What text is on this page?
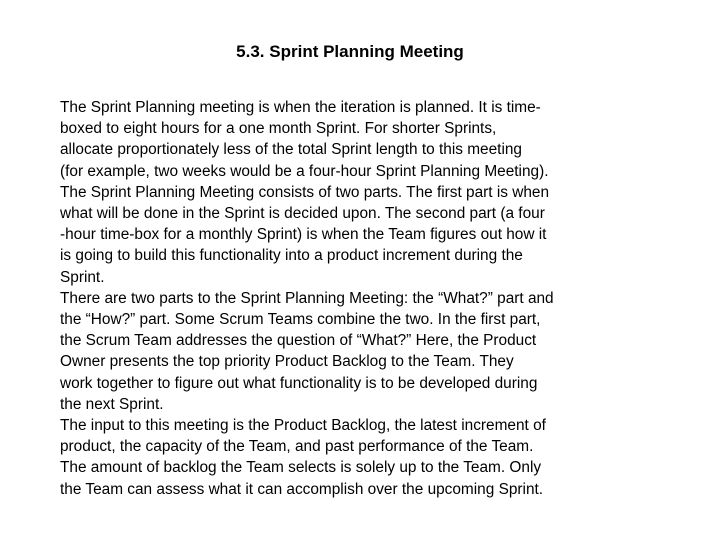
5.3. Sprint Planning Meeting

The Sprint Planning meeting is when the iteration is planned. It is time-
boxed to eight hours for a one month Sprint. For shorter Sprints,
allocate proportionately less of the total Sprint length to this meeting
(for example, two weeks would be a four-hour Sprint Planning Meeting).

The Sprint Planning Meeting consists of two parts. The first part is when
what will be done in the Sprint is decided upon. The second part (a four
-hour time-box for a monthly Sprint) is when the Team figures out how it
is going to build this functionality into a product increment during the
Sprint.

There are two parts to the Sprint Planning Meeting: the “What?” part and
the “How?” part. Some Scrum Teams combine the two. In the first part,
the Scrum Team addresses the question of “What?” Here, the Product
Owner presents the top priority Product Backlog to the Team. They
work together to figure out what functionality is to be developed during
the next Sprint.

The input to this meeting is the Product Backlog, the latest increment of
product, the capacity of the Team, and past performance of the Team.
The amount of backlog the Team selects is solely up to the Team. Only
the Team can assess what it can accomplish over the upcoming Sprint.
